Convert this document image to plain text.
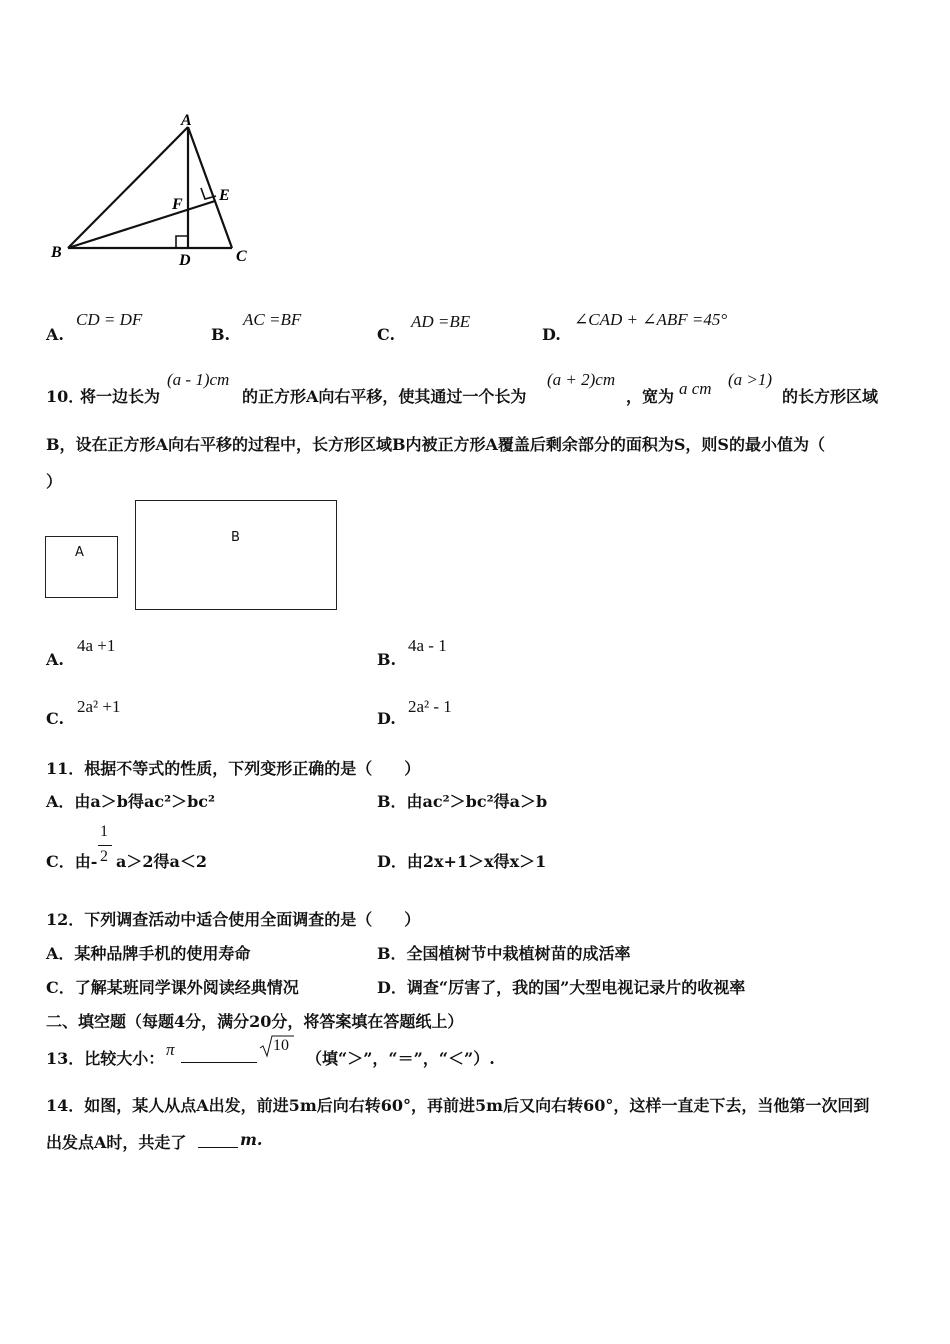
A
B	C
D
E
F
A.
CD = DF
B.
AC =BF
C.
AD =BE
D.
∠CAD + ∠ABF =45°
10．
将一边长为
(a - 1)cm
的正方形A向右平移，使其通过一个长为
(a + 2)cm
，宽为 a cm (a >1)
的长方形区域
B，设在正方形A向右平移的过程中，长方形区域B内被正方形A覆盖后剩余部分的面积为S，则S的最小值为（
）
A
B
A.
4a +1
B.
4a - 1
C.
2a² +1
D.
2a² - 1
11．根据不等式的性质，下列变形正确的是（　　）
A．由a＞b得ac²＞bc²	B．由ac²＞bc²得a＞b
C．由-
1
2 a＞2得a＜2	D．由2x+1＞x得x＞1
12．下列调查活动中适合使用全面调查的是（　　）
A．某种品牌手机的使用寿命	B．全国植树节中栽植树苗的成活率
C．了解某班同学课外阅读经典情况	D．调查“厉害了，我的国”大型电视记录片的收视率
二、填空题（每题4分，满分20分，将答案填在答题纸上）
13．比较大小： π	10
（填“＞”，“＝”，“＜”）.
14．如图，某人从点A出发，前进5m后向右转60°，再前进5m后又向右转60°，这样一直走下去，当他第一次回到
出发点A时，共走了	m.
